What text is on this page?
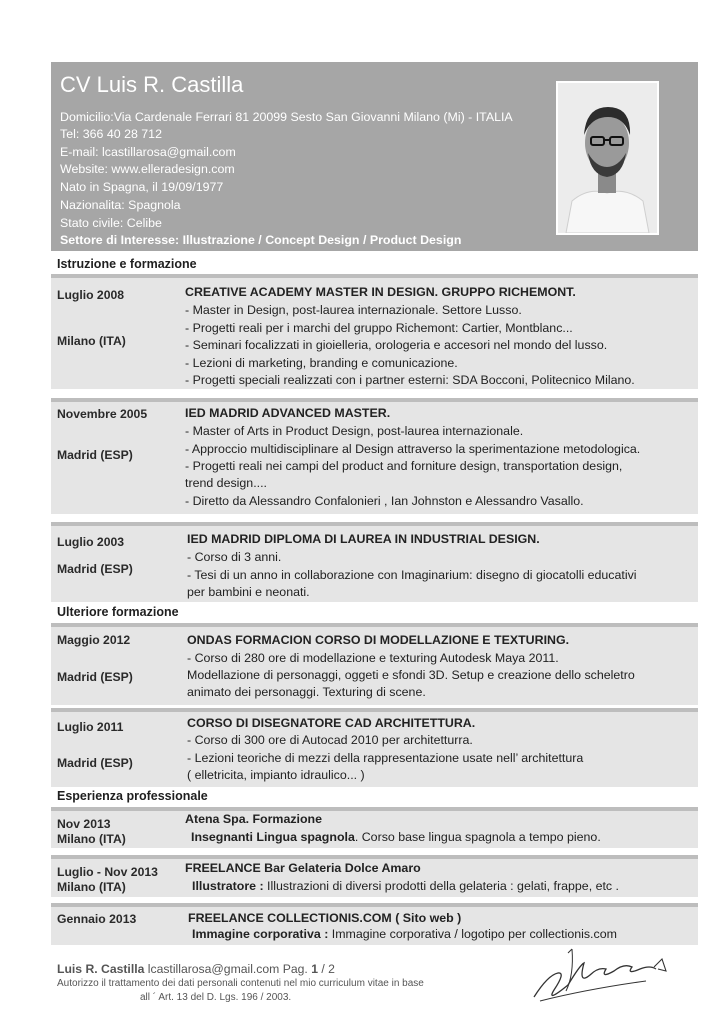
CV Luis R. Castilla
Domicilio:Via Cardenale Ferrari 81 20099 Sesto San Giovanni Milano (Mi) - ITALIA
Tel: 366 40 28 712
E-mail: lcastillarosa@gmail.com
Website: www.elleradesign.com
Nato in Spagna, il 19/09/1977
Nazionalita: Spagnola
Stato civile: Celibe
Settore di Interesse: Illustrazione / Concept Design / Product Design
Istruzione e formazione
Luglio 2008
Milano (ITA)
CREATIVE ACADEMY MASTER IN DESIGN. GRUPPO RICHEMONT.
- Master in Design, post-laurea internazionale. Settore Lusso.
- Progetti reali per i marchi del gruppo Richemont: Cartier, Montblanc...
- Seminari focalizzati in gioielleria, orologeria e accesori nel mondo del lusso.
- Lezioni di marketing, branding e comunicazione.
- Progetti speciali realizzati con i partner esterni: SDA Bocconi, Politecnico Milano.
Novembre 2005
Madrid (ESP)
IED MADRID ADVANCED MASTER.
- Master of Arts in Product Design, post-laurea internazionale.
- Approccio multidisciplinare al Design attraverso la sperimentazione metodologica.
- Progetti reali nei campi del product and forniture design, transportation design,
trend design....
- Diretto da Alessandro Confalonieri , Ian Johnston e Alessandro Vasallo.
Luglio 2003
Madrid (ESP)
IED MADRID DIPLOMA DI LAUREA IN INDUSTRIAL DESIGN.
- Corso di 3 anni.
- Tesi di un anno in collaborazione con Imaginarium: disegno di giocatolli educativi
per bambini e neonati.
Ulteriore formazione
Maggio 2012
Madrid (ESP)
ONDAS FORMACION CORSO DI MODELLAZIONE E TEXTURING.
- Corso di 280 ore di modellazione e texturing Autodesk Maya 2011.
Modellazione di personaggi, oggeti e sfondi 3D. Setup e creazione dello scheletro
animato dei personaggi. Texturing di scene.
Luglio 2011
Madrid (ESP)
CORSO DI DISEGNATORE CAD ARCHITETTURA.
- Corso di 300 ore di Autocad 2010 per architetturra.
- Lezioni teoriche di mezzi della rappresentazione usate nell’ architettura
( elletricita, impianto idraulico... )
Esperienza professionale
Nov 2013
Milano (ITA)
Atena Spa. Formazione
Insegnanti Lingua spagnola. Corso base lingua spagnola a tempo pieno.
Luglio - Nov 2013
Milano (ITA)
FREELANCE Bar Gelateria Dolce Amaro
Illustratore : Illustrazioni di diversi prodotti della gelateria : gelati, frappe, etc .
Gennaio 2013	FREELANCE COLLECTIONIS.COM ( Sito web )
Immagine corporativa : Immagine corporativa / logotipo per collectionis.com
Luis R. Castilla lcastillarosa@gmail.com Pag. 1 / 2
Autorizzo il trattamento dei dati personali contenuti nel mio curriculum vitae in base
all ´ Art. 13 del D. Lgs. 196 / 2003.
